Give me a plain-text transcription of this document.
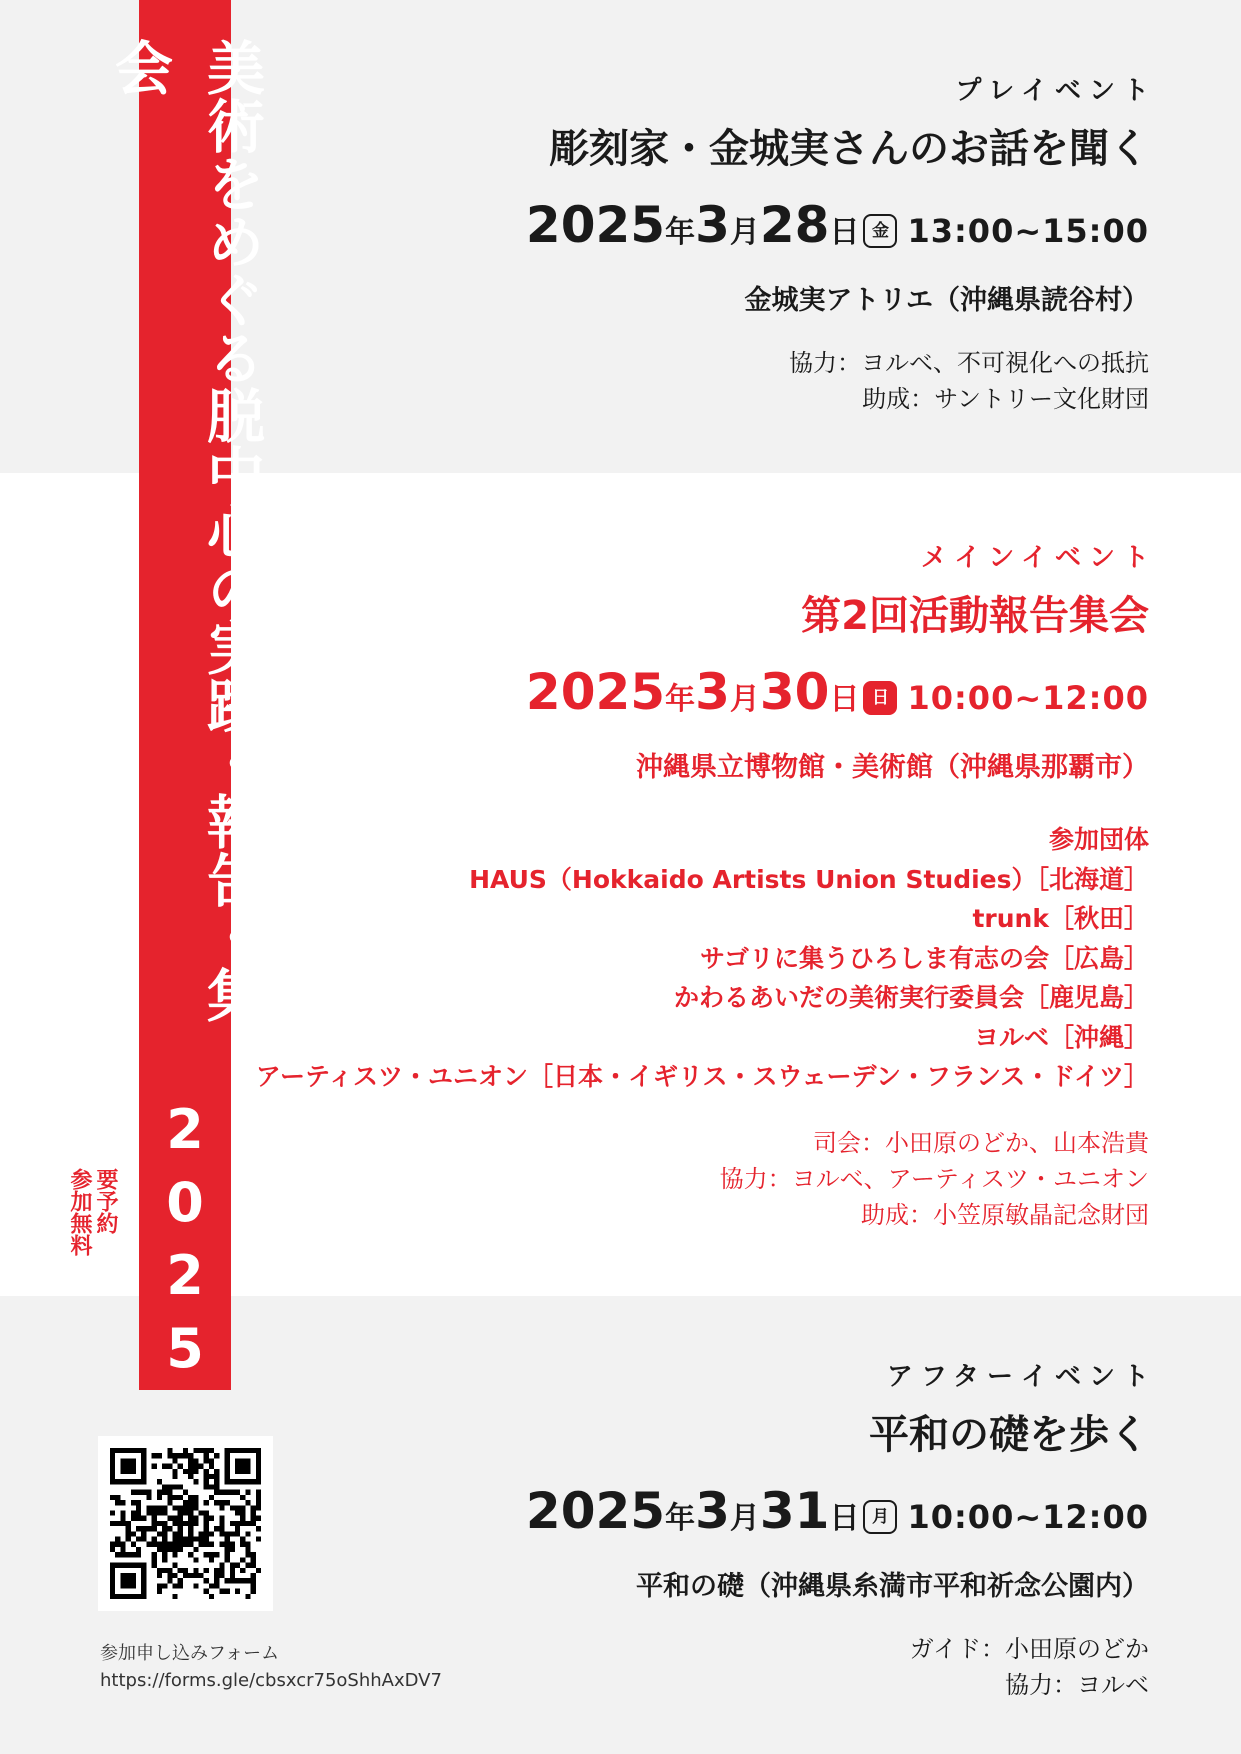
美術をめぐる脱中心の実践・報告・集会
2025
要予約
参加無料
プレイベント
彫刻家・金城実さんのお話を聞く
2025年3月28日 金 13:00~15:00
金城実アトリエ（沖縄県読谷村）
協力：ヨルベ、不可視化への抵抗
助成：サントリー文化財団
メインイベント
第2回活動報告集会
2025年3月30日 日 10:00~12:00
沖縄県立博物館・美術館（沖縄県那覇市）
参加団体
HAUS（Hokkaido Artists Union Studies）［北海道］
trunk［秋田］
サゴリに集うひろしま有志の会［広島］
かわるあいだの美術実行委員会［鹿児島］
ヨルベ［沖縄］
アーティスツ・ユニオン［日本・イギリス・スウェーデン・フランス・ドイツ］
司会：小田原のどか、山本浩貴
協力：ヨルベ、アーティスツ・ユニオン
助成：小笠原敏晶記念財団
アフターイベント
平和の礎を歩く
2025年3月31日 月 10:00~12:00
平和の礎（沖縄県糸満市平和祈念公園内）
ガイド：小田原のどか
協力：ヨルベ
参加申し込みフォーム
https://forms.gle/cbsxcr75oShhAxDV7
